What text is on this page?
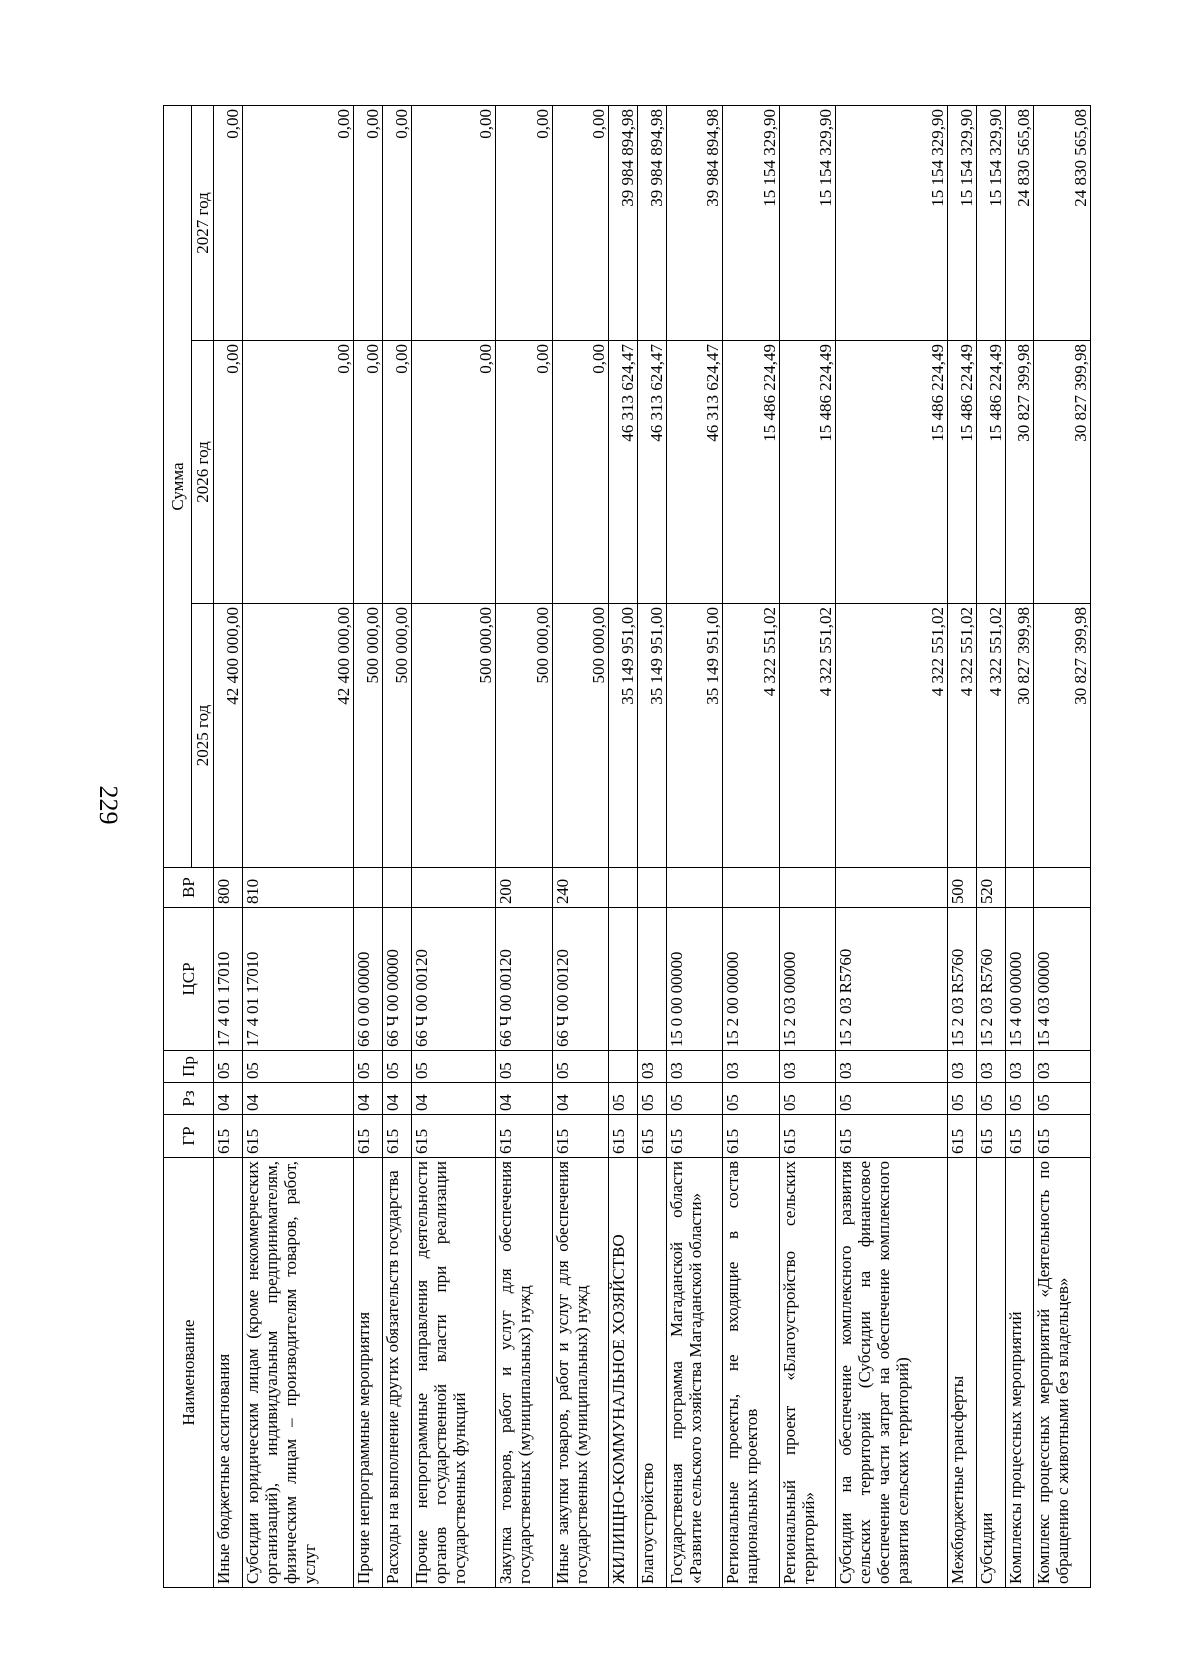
229
Наименование	ГР	Рз	Пр	ЦСР	ВР	Сумма		
						2025 год	2026 год	2027 год
Иные бюджетные ассигнования	615	04	05	17 4 01 17010	800	42 400 000,00	0,00	0,00
Субсидии юридическим лицам (кроме некоммерческих организаций), индивидуальным предпринимателям, физическим лицам – производителям товаров, работ, услуг	615	04	05	17 4 01 17010	810	42 400 000,00	0,00	0,00
Прочие непрограммные мероприятия	615	04	05	66 0 00 00000		500 000,00	0,00	0,00
Расходы на выполнение других обязательств государства	615	04	05	66 Ч 00 00000		500 000,00	0,00	0,00
Прочие непрограммные направления деятельности органов государственной власти при реализации государственных функций	615	04	05	66 Ч 00 00120		500 000,00	0,00	0,00
Закупка товаров, работ и услуг для обеспечения государственных (муниципальных) нужд	615	04	05	66 Ч 00 00120	200	500 000,00	0,00	0,00
Иные закупки товаров, работ и услуг для обеспечения государственных (муниципальных) нужд	615	04	05	66 Ч 00 00120	240	500 000,00	0,00	0,00
ЖИЛИЩНО-КОММУНАЛЬНОЕ ХОЗЯЙСТВО	615	05				35 149 951,00	46 313 624,47	39 984 894,98
Благоустройство	615	05	03			35 149 951,00	46 313 624,47	39 984 894,98
Государственная программа Магаданской области «Развитие сельского хозяйства Магаданской области»	615	05	03	15 0 00 00000		35 149 951,00	46 313 624,47	39 984 894,98
Региональные проекты, не входящие в состав национальных проектов	615	05	03	15 2 00 00000		4 322 551,02	15 486 224,49	15 154 329,90
Региональный проект «Благоустройство сельских территорий»	615	05	03	15 2 03 00000		4 322 551,02	15 486 224,49	15 154 329,90
Субсидии на обеспечение комплексного развития сельских территорий (Субсидии на финансовое обеспечение части затрат на обеспечение комплексного развития сельских территорий)	615	05	03	15 2 03 R5760		4 322 551,02	15 486 224,49	15 154 329,90
Межбюджетные трансферты	615	05	03	15 2 03 R5760	500	4 322 551,02	15 486 224,49	15 154 329,90
Субсидии	615	05	03	15 2 03 R5760	520	4 322 551,02	15 486 224,49	15 154 329,90
Комплексы процессных мероприятий	615	05	03	15 4 00 00000		30 827 399,98	30 827 399,98	24 830 565,08
Комплекс процессных мероприятий «Деятельность по обращению с животными без владельцев»	615	05	03	15 4 03 00000		30 827 399,98	30 827 399,98	24 830 565,08
